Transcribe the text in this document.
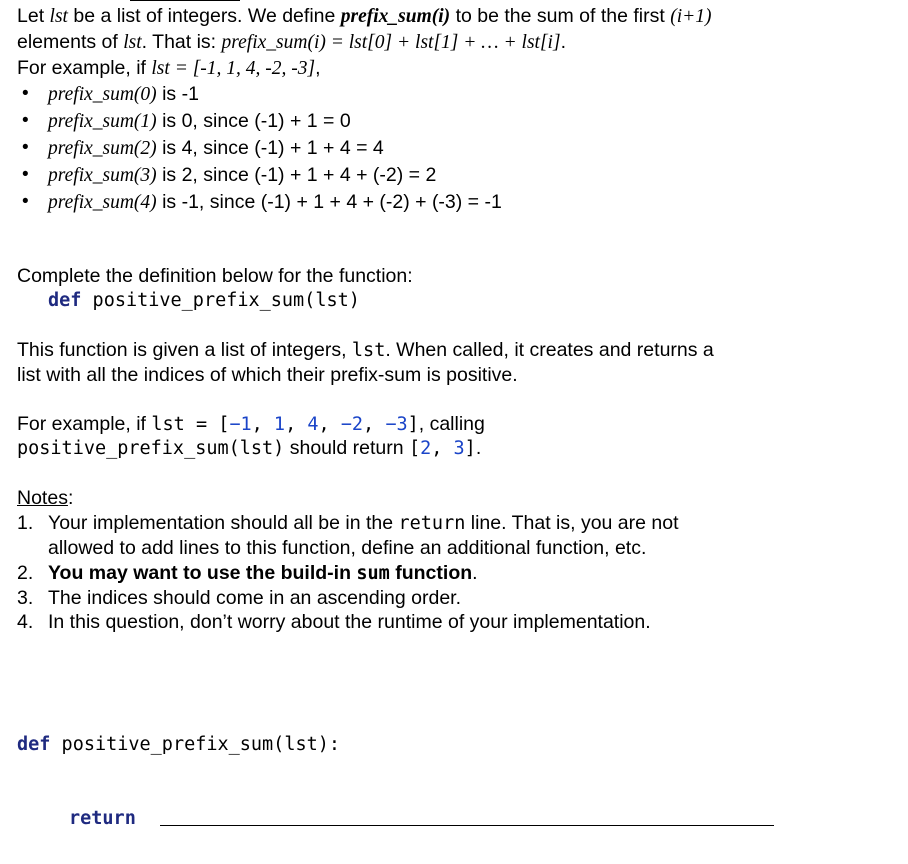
Let lst be a list of integers. We define prefix_sum(i) to be the sum of the first (i+1)
elements of lst. That is: prefix_sum(i) = lst[0] + lst[1] + … + lst[i].
For example, if lst = [-1, 1, 4, -2, -3],
• prefix_sum(0) is -1
• prefix_sum(1) is 0, since (-1) + 1 = 0
• prefix_sum(2) is 4, since (-1) + 1 + 4 = 4
• prefix_sum(3) is 2, since (-1) + 1 + 4 + (-2) = 2
• prefix_sum(4) is -1, since (-1) + 1 + 4 + (-2) + (-3) = -1
Complete the definition below for the function:
def positive_prefix_sum(lst)
This function is given a list of integers, lst. When called, it creates and returns a
list with all the indices of which their prefix-sum is positive.
For example, if lst = [−1, 1, 4, −2, −3], calling
positive_prefix_sum(lst) should return [2, 3].
Notes:
1. Your implementation should all be in the return line. That is, you are not
allowed to add lines to this function, define an additional function, etc.
2. You may want to use the build-in sum function.
3. The indices should come in an ascending order.
4. In this question, don’t worry about the runtime of your implementation.
def positive_prefix_sum(lst):
return
